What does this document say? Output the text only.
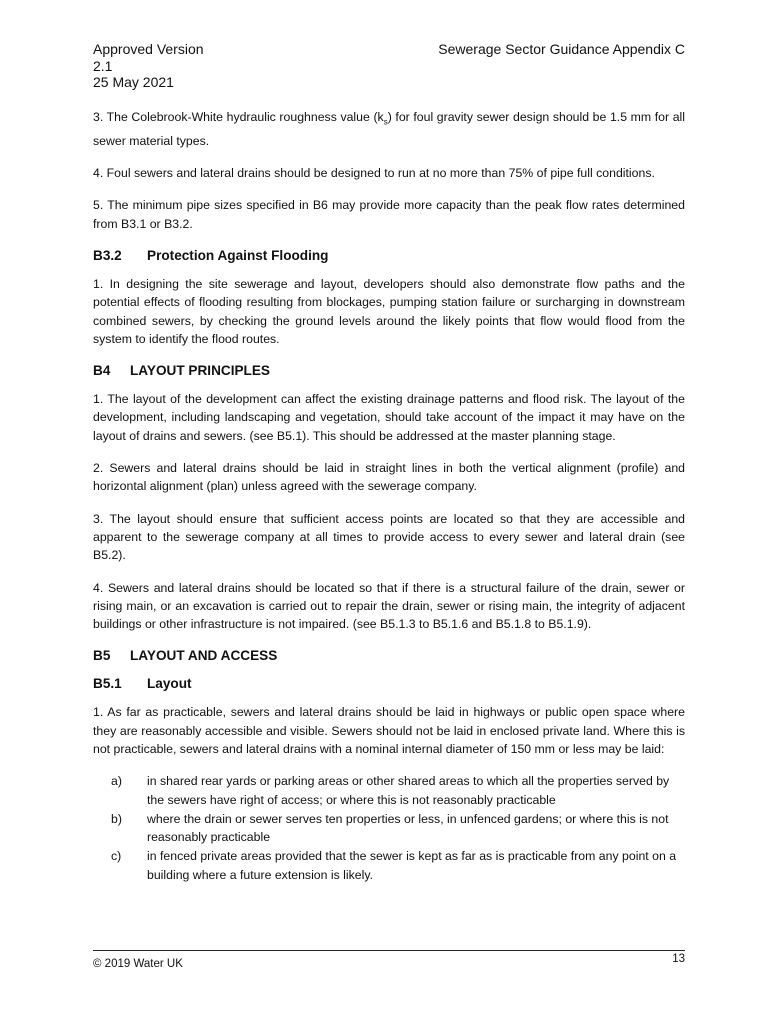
Approved Version
2.1
25 May 2021
Sewerage Sector Guidance Appendix C

3. The Colebrook-White hydraulic roughness value $(k_s)$ for foul gravity sewer design should be 1.5 mm for all sewer material types.

4. Foul sewers and lateral drains should be designed to run at no more than 75% of pipe full conditions.

5. The minimum pipe sizes specified in B6 may provide more capacity than the peak flow rates determined from B3.1 or B3.2.

B3.2 Protection Against Flooding

1. In designing the site sewerage and layout, developers should also demonstrate flow paths and the potential effects of flooding resulting from blockages, pumping station failure or surcharging in downstream combined sewers, by checking the ground levels around the likely points that flow would flood from the system to identify the flood routes.

B4 LAYOUT PRINCIPLES

1. The layout of the development can affect the existing drainage patterns and flood risk. The layout of the development, including landscaping and vegetation, should take account of the impact it may have on the layout of drains and sewers. (see B5.1). This should be addressed at the master planning stage.

2. Sewers and lateral drains should be laid in straight lines in both the vertical alignment (profile) and horizontal alignment (plan) unless agreed with the sewerage company.

3. The layout should ensure that sufficient access points are located so that they are accessible and apparent to the sewerage company at all times to provide access to every sewer and lateral drain (see B5.2).

4. Sewers and lateral drains should be located so that if there is a structural failure of the drain, sewer or rising main, or an excavation is carried out to repair the drain, sewer or rising main, the integrity of adjacent buildings or other infrastructure is not impaired. (see B5.1.3 to B5.1.6 and B5.1.8 to B5.1.9).

B5 LAYOUT AND ACCESS
B5.1 Layout

1. As far as practicable, sewers and lateral drains should be laid in highways or public open space where they are reasonably accessible and visible. Sewers should not be laid in enclosed private land. Where this is not practicable, sewers and lateral drains with a nominal internal diameter of 150 mm or less may be laid:

a)	in shared rear yards or parking areas or other shared areas to which all the properties served by the sewers have right of access; or where this is not reasonably practicable
b)	where the drain or sewer serves ten properties or less, in unfenced gardens; or where this is not reasonably practicable
c)	in fenced private areas provided that the sewer is kept as far as is practicable from any point on a building where a future extension is likely.
© 2019 Water UK	13
